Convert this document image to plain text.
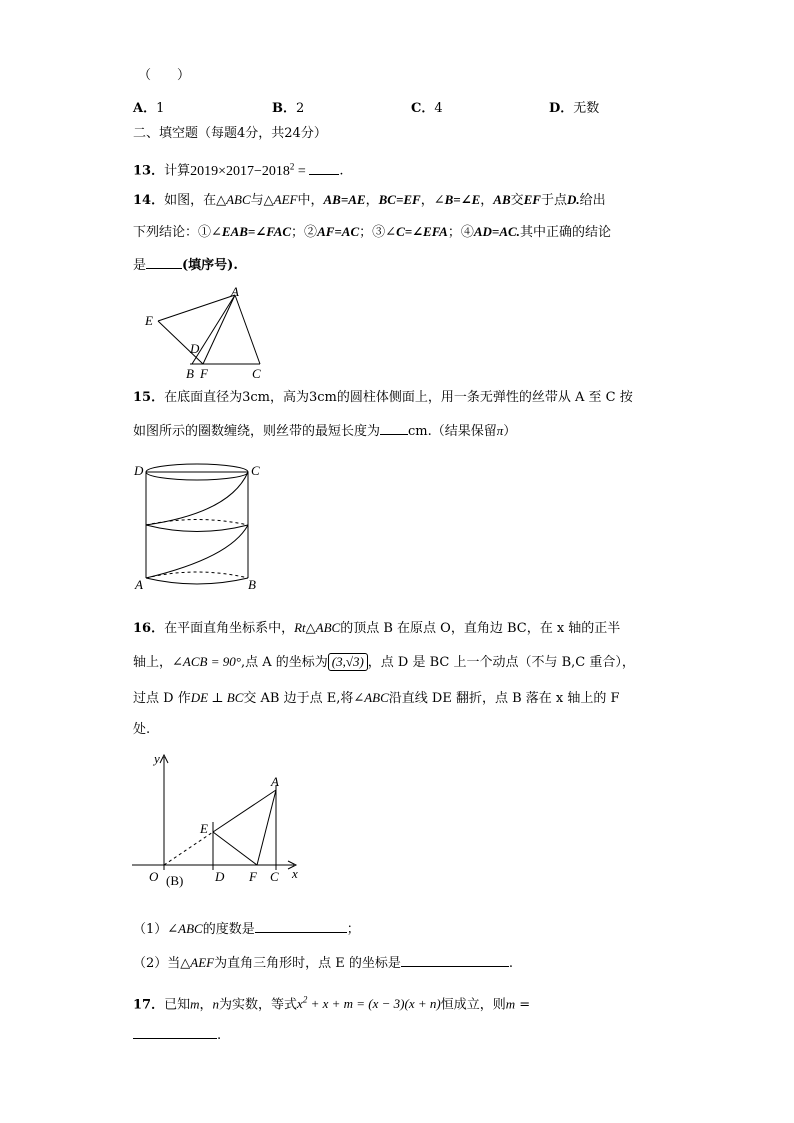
（　　）
A．1	B．2	C．4	D．无数
二、填空题（每题4分，共24分）
13．计算$2019\times 2017-2018^2$ = .
14．如图，在△ABC与△AEF中，AB=AE，BC=EF，∠B=∠E，AB交EF于点D.给出
下列结论：①∠EAB=∠FAC；②AF=AC；③∠C=∠EFA；④AD=AC.其中正确的结论
是	(填序号).
A
E
D
B F	C
15．在底面直径为3cm，高为3cm的圆柱体侧面上，用一条无弹性的丝带从 A 至 C 按
如图所示的圈数缠绕，则丝带的最短长度为 cm.（结果保留π）
D	C
A	B
16．在平面直角坐标系中，Rt△ABC的顶点 B 在原点 O，直角边 BC，在 x 轴的正半
轴上，∠ACB = 90°,点 A 的坐标为 (3,√3) ，点 D 是 BC 上一个动点（不与 B,C 重合），
过点 D 作DE ⊥ BC交 AB 边于点 E,将∠ABC沿直线 DE 翻折，点 B 落在 x 轴上的 F
处.
y
x
O (B) D F C
E
A
（1）∠ABC的度数是	；
（2）当△AEF为直角三角形时，点 E 的坐标是	.
17．已知m，n为实数，等式$x^2 + x + m = (x - 3)(x + n)$恒成立，则m =
.
